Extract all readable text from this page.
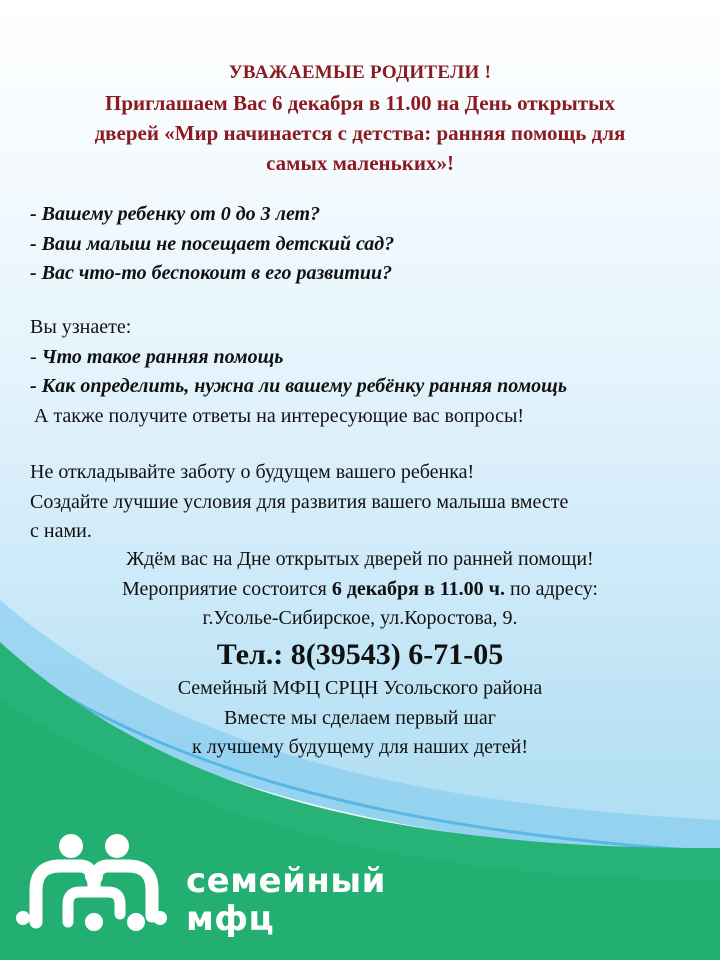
УВАЖАЕМЫЕ РОДИТЕЛИ !
Приглашаем Вас 6 декабря в 11.00 на День открытых
дверей «Мир начинается с детства: ранняя помощь для
самых маленьких»!
- Вашему ребенку от 0 до 3 лет?
- Ваш малыш не посещает детский сад?
- Вас что-то беспокоит в его развитии?
Вы узнаете:
- Что такое ранняя помощь
- Как определить, нужна ли вашему ребёнку ранняя помощь
А также получите ответы на интересующие вас вопросы!
Не откладывайте заботу о будущем вашего ребенка!
Создайте лучшие условия для развития вашего малыша вместе
с нами.
Ждём вас на Дне открытых дверей по ранней помощи!
Мероприятие состоится 6 декабря в 11.00 ч. по адресу:
г.Усолье-Сибирское, ул.Коростова, 9.
Тел.: 8(39543) 6-71-05
Семейный МФЦ СРЦН Усольского района
Вместе мы сделаем первый шаг
к лучшему будущему для наших детей!
семейный
мфц
